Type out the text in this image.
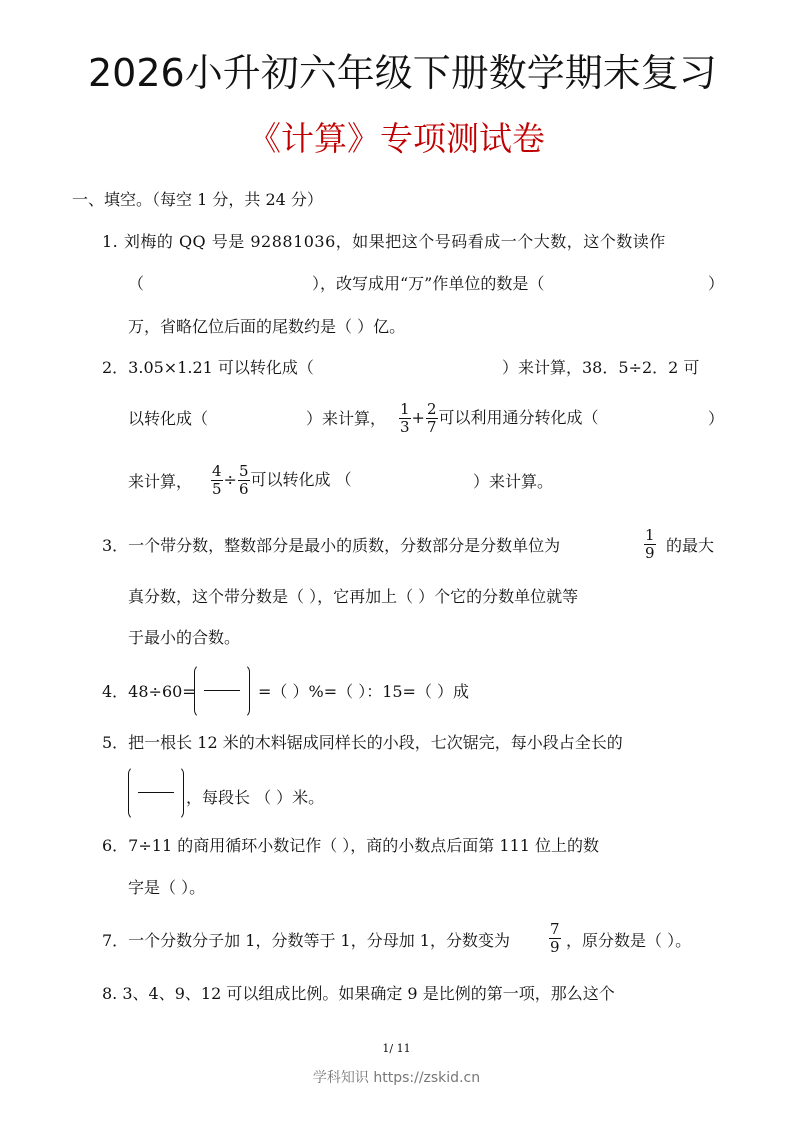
2026小升初六年级下册数学期末复习
《计算》专项测试卷
一、填空。（每空 1 分，共 24 分）
1. 刘梅的 QQ 号是 92881036，如果把这个号码看成一个大数，这个数读作
（	），改写成用“万”作单位的数是（	）
万，省略亿位后面的尾数约是（ ）亿。
2．3.05×1.21 可以转化成（	）来计算，38．5÷2．2 可
以转化成（	）来计算， $\frac{1}{3} + \frac{2}{7}$ 可以利用通分转化成（	）
来计算， $\frac{4}{5} \div \frac{5}{6}$ 可以转化成 （	）来计算。
3．一个带分数，整数部分是最小的质数，分数部分是分数单位为	$\frac{1}{9}$ 的最大
真分数，这个带分数是（ ），它再加上（ ）个它的分数单位就等
于最小的合数。
4．48÷60=	=（ ）%=（ ）：15=（ ）成
5．把一根长 12 米的木料锯成同样长的小段，七次锯完，每小段占全长的
，每段长 （ ）米。
6．7÷11 的商用循环小数记作（ ），商的小数点后面第 111 位上的数
字是（ ）。
7．一个分数分子加 1，分数等于 1，分母加 1，分数变为	$\frac{7}{9}$ ，原分数是（ ）。
8. 3、4、9、12 可以组成比例。如果确定 9 是比例的第一项，那么这个
1/ 11
学科知识 https://zskid.cn
